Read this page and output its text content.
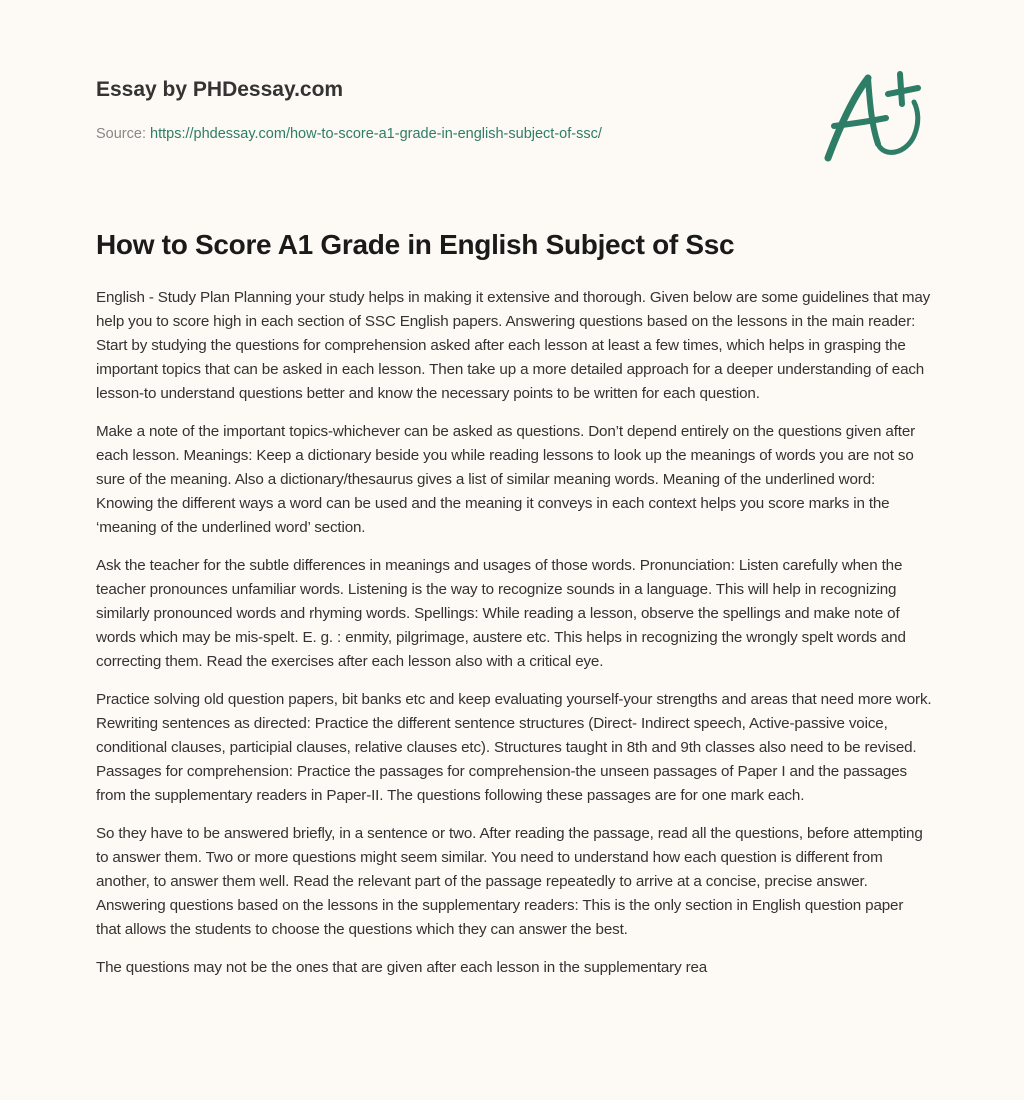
Essay by PHDessay.com
Source: https://phdessay.com/how-to-score-a1-grade-in-english-subject-of-ssc/
How to Score A1 Grade in English Subject of Ssc

English - Study Plan Planning your study helps in making it extensive and thorough. Given below are some guidelines that may help you to score high in each section of SSC English papers. Answering questions based on the lessons in the main reader: Start by studying the questions for comprehension asked after each lesson at least a few times, which helps in grasping the important topics that can be asked in each lesson. Then take up a more detailed approach for a deeper understanding of each lesson-to understand questions better and know the necessary points to be written for each question.

Make a note of the important topics-whichever can be asked as questions. Don’t depend entirely on the questions given after each lesson. Meanings: Keep a dictionary beside you while reading lessons to look up the meanings of words you are not so sure of the meaning. Also a dictionary/thesaurus gives a list of similar meaning words. Meaning of the underlined word: Knowing the different ways a word can be used and the meaning it conveys in each context helps you score marks in the ‘meaning of the underlined word’ section.

Ask the teacher for the subtle differences in meanings and usages of those words. Pronunciation: Listen carefully when the teacher pronounces unfamiliar words. Listening is the way to recognize sounds in a language. This will help in recognizing similarly pronounced words and rhyming words. Spellings: While reading a lesson, observe the spellings and make note of words which may be mis-spelt. E. g. : enmity, pilgrimage, austere etc. This helps in recognizing the wrongly spelt words and correcting them. Read the exercises after each lesson also with a critical eye.

Practice solving old question papers, bit banks etc and keep evaluating yourself-your strengths and areas that need more work. Rewriting sentences as directed: Practice the different sentence structures (Direct- Indirect speech, Active-passive voice, conditional clauses, participial clauses, relative clauses etc). Structures taught in 8th and 9th classes also need to be revised. Passages for comprehension: Practice the passages for comprehension-the unseen passages of Paper I and the passages from the supplementary readers in Paper-II. The questions following these passages are for one mark each.

So they have to be answered briefly, in a sentence or two. After reading the passage, read all the questions, before attempting to answer them. Two or more questions might seem similar. You need to understand how each question is different from another, to answer them well. Read the relevant part of the passage repeatedly to arrive at a concise, precise answer. Answering questions based on the lessons in the supplementary readers: This is the only section in English question paper that allows the students to choose the questions which they can answer the best.

The questions may not be the ones that are given after each lesson in the supplementary rea
